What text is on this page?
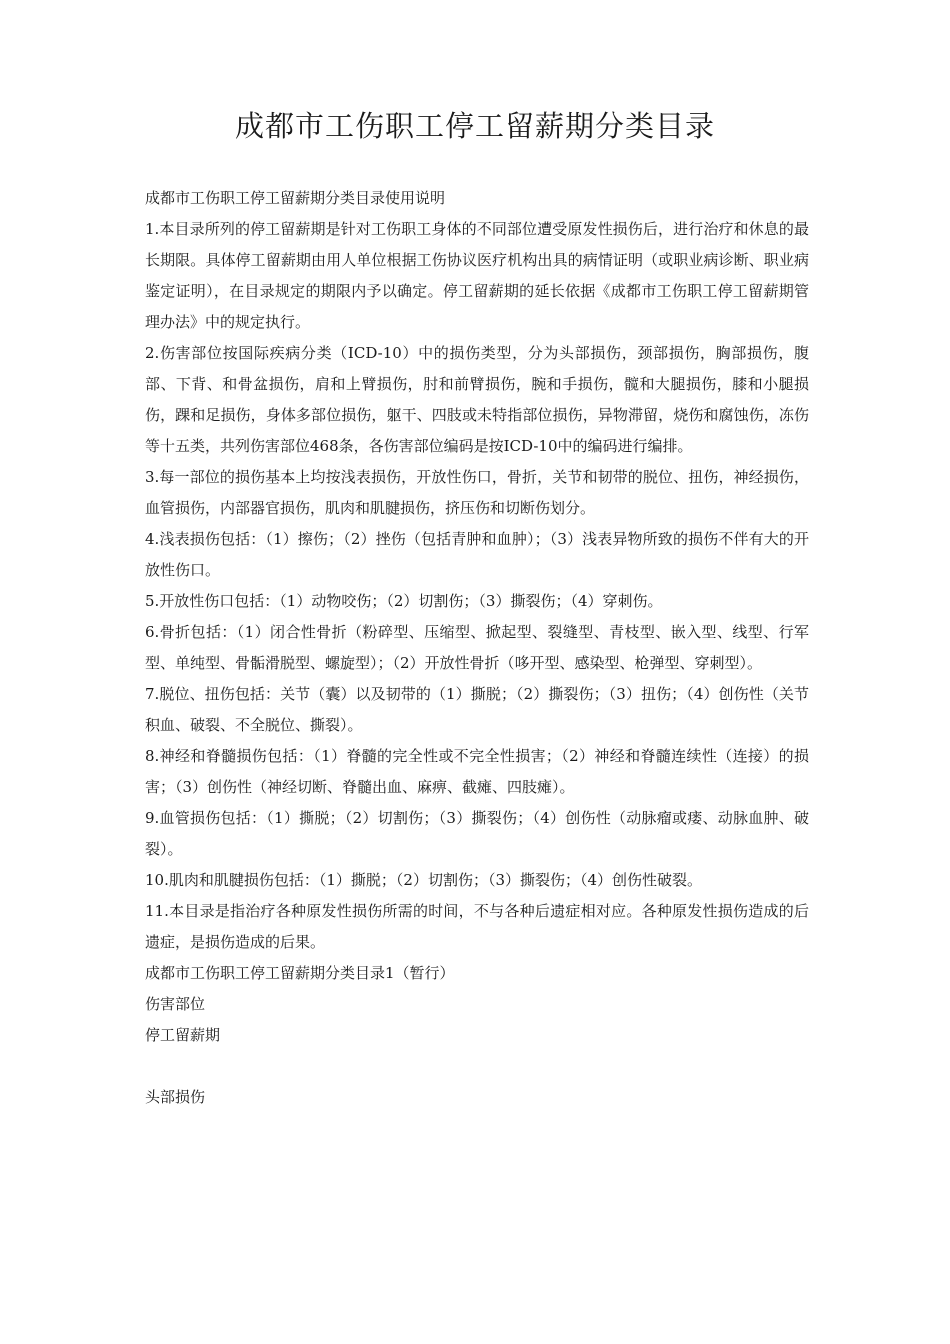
成都市工伤职工停工留薪期分类目录

成都市工伤职工停工留薪期分类目录使用说明

1.本目录所列的停工留薪期是针对工伤职工身体的不同部位遭受原发性损伤后，进行治疗和休息的最长期限。具体停工留薪期由用人单位根据工伤协议医疗机构出具的病情证明（或职业病诊断、职业病鉴定证明），在目录规定的期限内予以确定。停工留薪期的延长依据《成都市工伤职工停工留薪期管理办法》中的规定执行。

2.伤害部位按国际疾病分类（ICD-10）中的损伤类型，分为头部损伤，颈部损伤，胸部损伤，腹部、下背、和骨盆损伤，肩和上臂损伤，肘和前臂损伤，腕和手损伤，髋和大腿损伤，膝和小腿损伤，踝和足损伤，身体多部位损伤，躯干、四肢或未特指部位损伤，异物滞留，烧伤和腐蚀伤，冻伤等十五类，共列伤害部位468条，各伤害部位编码是按ICD-10中的编码进行编排。

3.每一部位的损伤基本上均按浅表损伤，开放性伤口，骨折，关节和韧带的脱位、扭伤，神经损伤，血管损伤，内部器官损伤，肌肉和肌腱损伤，挤压伤和切断伤划分。

4.浅表损伤包括：（1）擦伤；（2）挫伤（包括青肿和血肿）；（3）浅表异物所致的损伤不伴有大的开放性伤口。

5.开放性伤口包括：（1）动物咬伤；（2）切割伤；（3）撕裂伤；（4）穿刺伤。

6.骨折包括：（1）闭合性骨折（粉碎型、压缩型、掀起型、裂缝型、青枝型、嵌入型、线型、行军型、单纯型、骨骺滑脱型、螺旋型）；（2）开放性骨折（哆开型、感染型、枪弹型、穿刺型）。

7.脱位、扭伤包括：关节（囊）以及韧带的（1）撕脱；（2）撕裂伤；（3）扭伤；（4）创伤性（关节积血、破裂、不全脱位、撕裂）。

8.神经和脊髓损伤包括：（1）脊髓的完全性或不完全性损害；（2）神经和脊髓连续性（连接）的损害；（3）创伤性（神经切断、脊髓出血、麻痹、截瘫、四肢瘫）。

9.血管损伤包括：（1）撕脱；（2）切割伤；（3）撕裂伤；（4）创伤性（动脉瘤或瘘、动脉血肿、破裂）。

10.肌肉和肌腱损伤包括：（1）撕脱；（2）切割伤；（3）撕裂伤；（4）创伤性破裂。

11.本目录是指治疗各种原发性损伤所需的时间，不与各种后遗症相对应。各种原发性损伤造成的后遗症，是损伤造成的后果。

成都市工伤职工停工留薪期分类目录1（暂行）

伤害部位

停工留薪期

头部损伤
